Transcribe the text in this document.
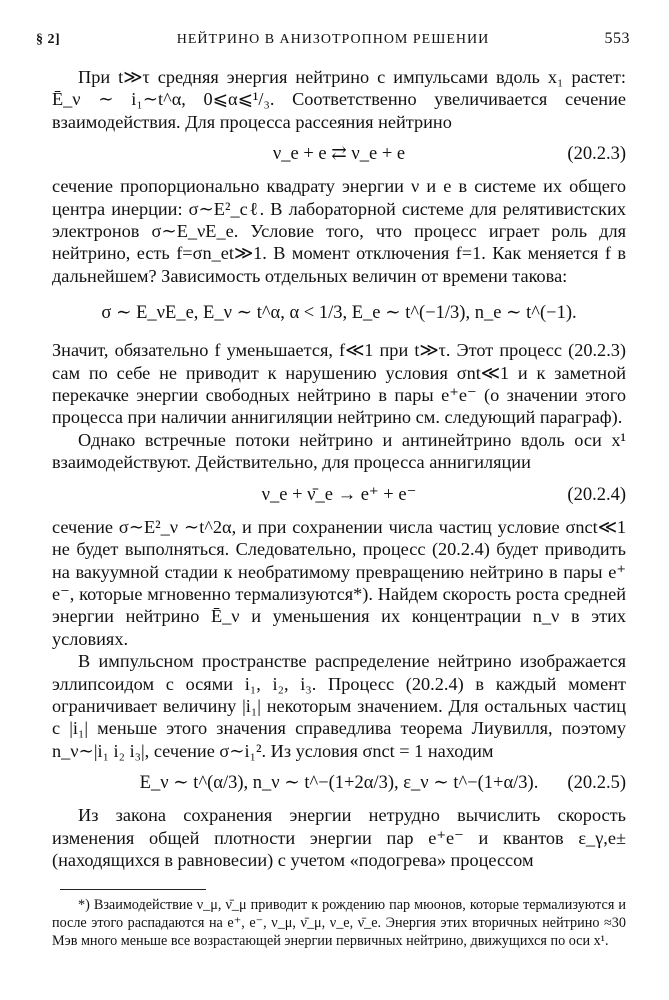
§ 2]	НЕЙТРИНО В АНИЗОТРОПНОМ РЕШЕНИИ	553

При t≫τ средняя энергия нейтрино с импульсами вдоль x₁ растет: Ē_ν ∼ i₁∼t^α, 0⩽α⩽¹/₃. Соответственно увеличивается сечение взаимодействия. Для процесса рассеяния нейтрино

ν_e + e ⇄ ν_e + e	(20.2.3)

сечение пропорционально квадрату энергии ν и e в системе их общего центра инерции: σ∼E²_cℓ. В лабораторной системе для релятивистских электронов σ∼E_νE_e. Условие того, что процесс играет роль для нейтрино, есть f=σn_et≫1. В момент отключения f=1. Как меняется f в дальнейшем? Зависимость отдельных величин от времени такова:

σ ∼ E_νE_e, E_ν ∼ t^α, α < 1/3, E_e ∼ t^(−1/3), n_e ∼ t^(−1).

Значит, обязательно f уменьшается, f≪1 при t≫τ. Этот процесс (20.2.3) сам по себе не приводит к нарушению условия σnt≪1 и к заметной перекачке энергии свободных нейтрино в пары e⁺e⁻ (о значении этого процесса при наличии аннигиляции нейтрино см. следующий параграф).

Однако встречные потоки нейтрино и антинейтрино вдоль оси x¹ взаимодействуют. Действительно, для процесса аннигиляции

ν_e + ν̄_e → e⁺ + e⁻	(20.2.4)

сечение σ∼E²_ν ∼t^2α, и при сохранении числа частиц условие σnct≪1 не будет выполняться. Следовательно, процесс (20.2.4) будет приводить на вакуумной стадии к необратимому превращению нейтрино в пары e⁺ e⁻, которые мгновенно термализуются*). Найдем скорость роста средней энергии нейтрино Ē_ν и уменьшения их концентрации n_ν в этих условиях.

В импульсном пространстве распределение нейтрино изображается эллипсоидом с осями i₁, i₂, i₃. Процесс (20.2.4) в каждый момент ограничивает величину |i₁| некоторым значением. Для остальных частиц с |i₁| меньше этого значения справедлива теорема Лиувилля, поэтому n_ν∼|i₁ i₂ i₃|, сечение σ∼i₁². Из условия σnct = 1 находим

E_ν ∼ t^(α/3), n_ν ∼ t^−(1+2α/3), ε_ν ∼ t^−(1+α/3). (20.2.5)

Из закона сохранения энергии нетрудно вычислить скорость изменения общей плотности энергии пар e⁺e⁻ и квантов ε_γ,e± (находящихся в равновесии) с учетом «подогрева» процессом

*) Взаимодействие ν_μ, ν̄_μ приводит к рождению пар мюонов, которые термализуются и после этого распадаются на e⁺, e⁻, ν_μ, ν̄_μ, ν_e, ν̄_e. Энергия этих вторичных нейтрино ≈30 Мэв много меньше все возрастающей энергии первичных нейтрино, движущихся по оси x¹.
